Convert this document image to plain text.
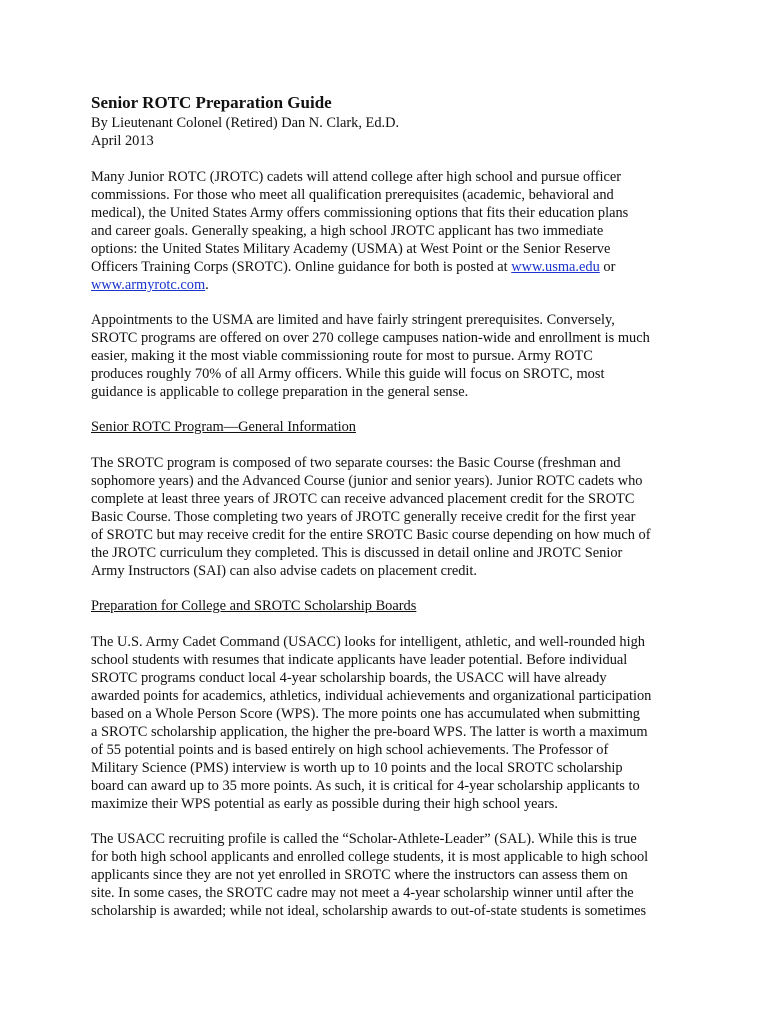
Senior ROTC Preparation Guide

By Lieutenant Colonel (Retired) Dan N. Clark, Ed.D.

April 2013

Many Junior ROTC (JROTC) cadets will attend college after high school and pursue officer
commissions. For those who meet all qualification prerequisites (academic, behavioral and
medical), the United States Army offers commissioning options that fits their education plans
and career goals. Generally speaking, a high school JROTC applicant has two immediate
options: the United States Military Academy (USMA) at West Point or the Senior Reserve
Officers Training Corps (SROTC). Online guidance for both is posted at www.usma.edu or
www.armyrotc.com.
Appointments to the USMA are limited and have fairly stringent prerequisites. Conversely,
SROTC programs are offered on over 270 college campuses nation-wide and enrollment is much
easier, making it the most viable commissioning route for most to pursue. Army ROTC
produces roughly 70% of all Army officers. While this guide will focus on SROTC, most
guidance is applicable to college preparation in the general sense.

Senior ROTC Program—General Information

The SROTC program is composed of two separate courses: the Basic Course (freshman and
sophomore years) and the Advanced Course (junior and senior years). Junior ROTC cadets who
complete at least three years of JROTC can receive advanced placement credit for the SROTC
Basic Course. Those completing two years of JROTC generally receive credit for the first year
of SROTC but may receive credit for the entire SROTC Basic course depending on how much of
the JROTC curriculum they completed. This is discussed in detail online and JROTC Senior
Army Instructors (SAI) can also advise cadets on placement credit.

Preparation for College and SROTC Scholarship Boards

The U.S. Army Cadet Command (USACC) looks for intelligent, athletic, and well-rounded high
school students with resumes that indicate applicants have leader potential. Before individual
SROTC programs conduct local 4-year scholarship boards, the USACC will have already
awarded points for academics, athletics, individual achievements and organizational participation
based on a Whole Person Score (WPS). The more points one has accumulated when submitting
a SROTC scholarship application, the higher the pre-board WPS. The latter is worth a maximum
of 55 potential points and is based entirely on high school achievements. The Professor of
Military Science (PMS) interview is worth up to 10 points and the local SROTC scholarship
board can award up to 35 more points. As such, it is critical for 4-year scholarship applicants to
maximize their WPS potential as early as possible during their high school years.
The USACC recruiting profile is called the “Scholar-Athlete-Leader” (SAL). While this is true
for both high school applicants and enrolled college students, it is most applicable to high school
applicants since they are not yet enrolled in SROTC where the instructors can assess them on
site. In some cases, the SROTC cadre may not meet a 4-year scholarship winner until after the
scholarship is awarded; while not ideal, scholarship awards to out-of-state students is sometimes
